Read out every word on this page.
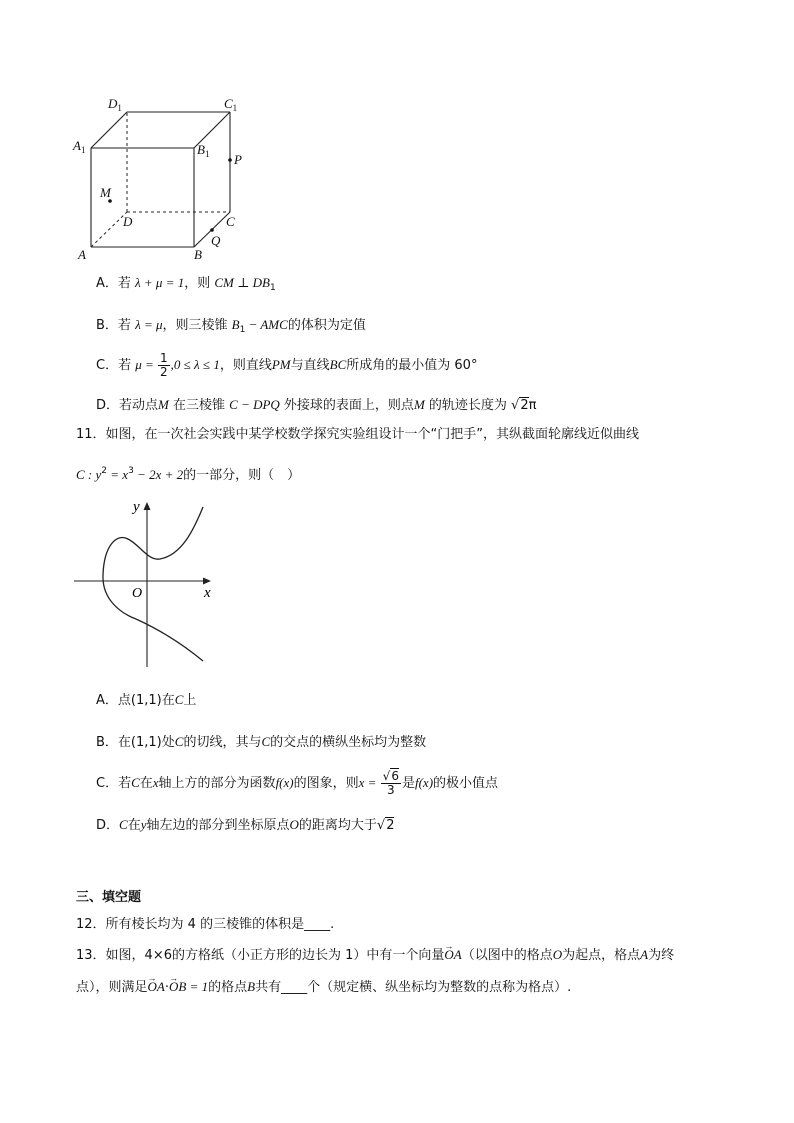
$D_1$	$C_1$
$A_1$	$B_1$ P
M
D	C
A	B
Q
A．若 λ + μ = 1，则 CM ⊥ $DB_1$
B．若 λ = μ，则三棱锥 $B_1$ − AMC的体积为定值
C．若 $\mu = \frac{1}{2} ,0 \le \lambda \le 1$，则直线PM与直线BC所成角的最小值为 60°
D．若动点M 在三棱锥 C − DPQ 外接球的表面上，则点M 的轨迹长度为 √2π
11．如图，在一次社会实践中某学校数学探究实验组设计一个“门把手”，其纵截面轮廓线近似曲线
C : $y^2 = x^3 - 2x + 2$的一部分，则（　）
y
x
O
A．点(1,1)在C上
B．在(1,1)处C的切线，其与C的交点的横纵坐标均为整数
C．若C在x轴上方的部分为函数f(x)的图象，则$x = \frac{√6}{3}$ 是f(x)的极小值点
D．C在y轴左边的部分到坐标原点O的距离均大于√2
三、填空题
12．所有棱长均为 4 的三棱锥的体积是____.
13．如图，4×6的方格纸（小正方形的边长为 1）中有一个向量→ OA（以图中的格点O为起点，格点A为终
点），则满足→ OA·→ OB = 1的格点B共有____个（规定横、纵坐标均为整数的点称为格点）.
